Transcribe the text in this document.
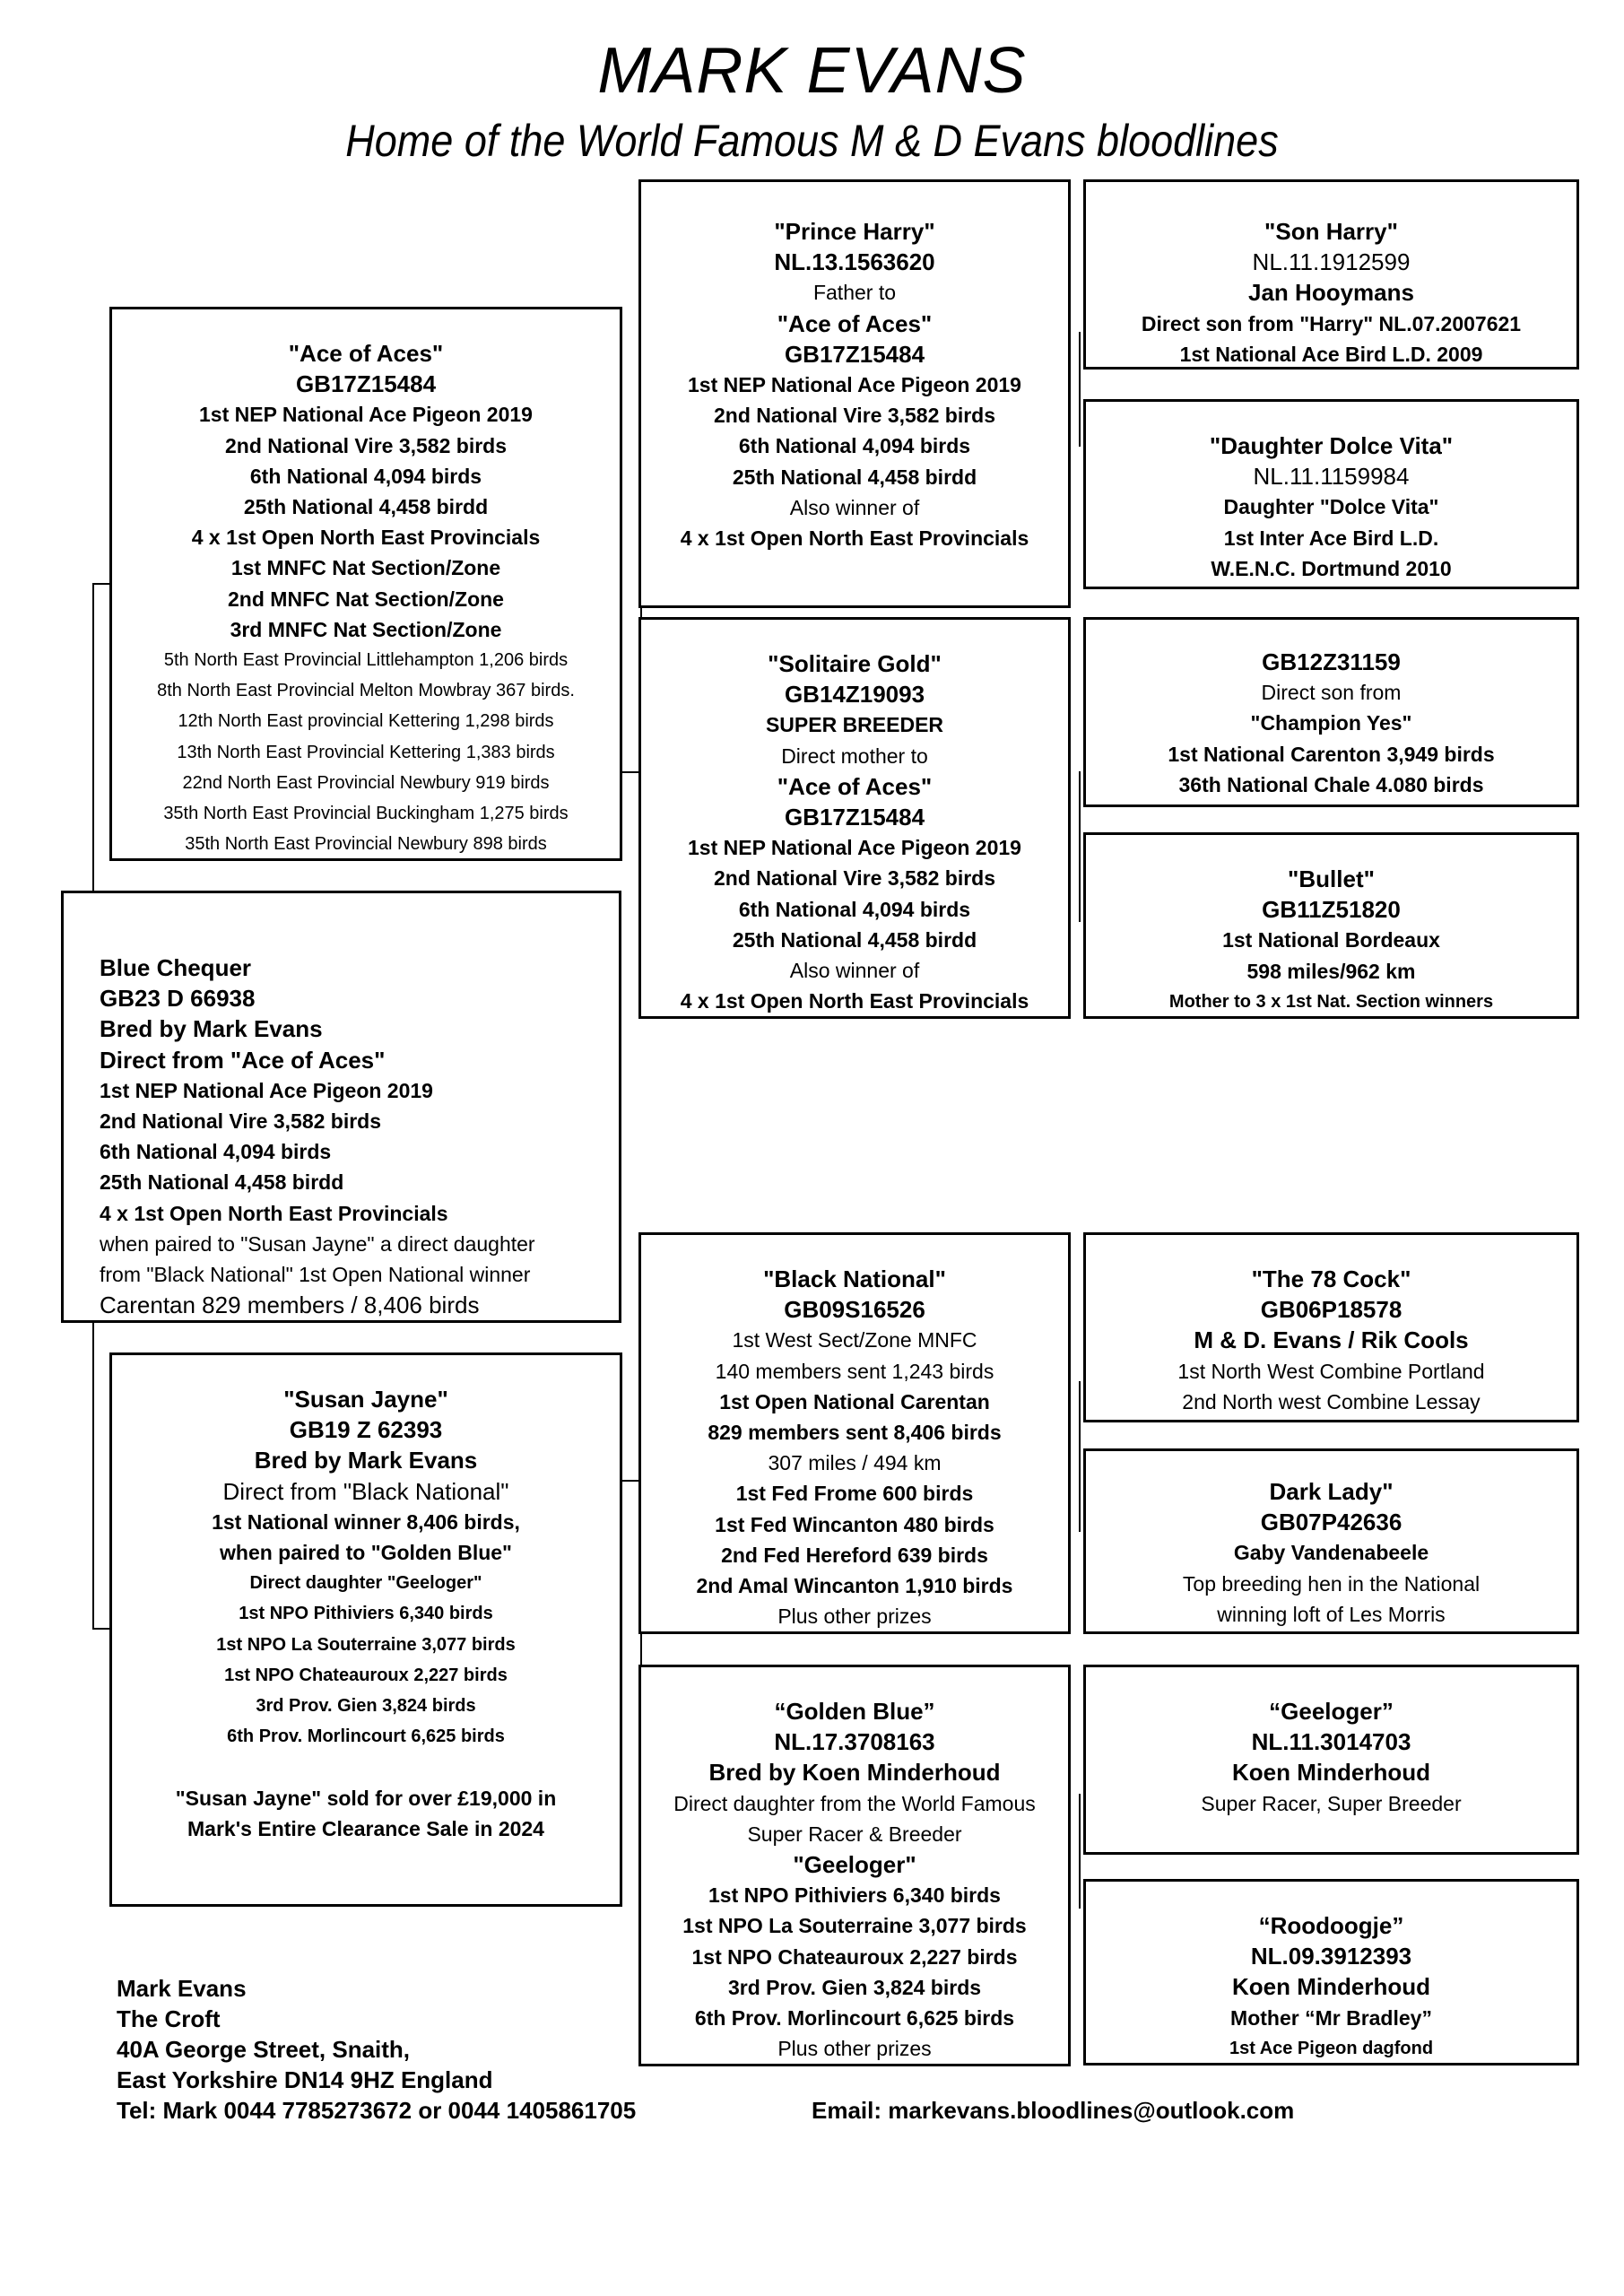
MARK EVANS
Home of the World Famous M & D Evans bloodlines
"Ace of Aces"
GB17Z15484
1st NEP National Ace Pigeon 2019
2nd National Vire 3,582 birds
6th National 4,094 birds
25th National 4,458 birdd
4 x 1st Open North East Provincials
1st MNFC Nat Section/Zone
2nd MNFC Nat Section/Zone
3rd MNFC Nat Section/Zone
5th North East Provincial Littlehampton 1,206 birds
8th North East Provincial Melton Mowbray 367 birds.
12th North East provincial Kettering 1,298 birds
13th North East Provincial Kettering 1,383 birds
22nd North East Provincial Newbury 919 birds
35th North East Provincial Buckingham 1,275 birds
35th North East Provincial Newbury 898 birds
Blue Chequer
GB23 D 66938
Bred by Mark Evans
Direct from "Ace of Aces"
1st NEP National Ace Pigeon 2019
2nd National Vire 3,582 birds
6th National 4,094 birds
25th National 4,458 birdd
4 x 1st Open North East Provincials
when paired to "Susan Jayne" a direct daughter
from "Black National" 1st Open National winner
Carentan 829 members / 8,406 birds
"Susan Jayne"
GB19 Z 62393
Bred by Mark Evans
Direct from "Black National"
1st National winner 8,406 birds,
when paired to "Golden Blue"
Direct daughter "Geeloger"
1st NPO Pithiviers 6,340 birds
1st NPO La Souterraine 3,077 birds
1st NPO Chateauroux 2,227 birds
3rd Prov. Gien 3,824 birds
6th Prov. Morlincourt 6,625 birds

"Susan Jayne" sold for over £19,000 in
Mark's Entire Clearance Sale in 2024
"Prince Harry"
NL.13.1563620
Father to
"Ace of Aces"
GB17Z15484
1st NEP National Ace Pigeon 2019
2nd National Vire 3,582 birds
6th National 4,094 birds
25th National 4,458 birdd
Also winner of
4 x 1st Open North East Provincials
"Solitaire Gold"
GB14Z19093
SUPER BREEDER
Direct mother to
"Ace of Aces"
GB17Z15484
1st NEP National Ace Pigeon 2019
2nd National Vire 3,582 birds
6th National 4,094 birds
25th National 4,458 birdd
Also winner of
4 x 1st Open North East Provincials
"Black National"
GB09S16526
1st West Sect/Zone MNFC
140 members sent 1,243 birds
1st Open National Carentan
829 members sent 8,406 birds
307 miles / 494 km
1st Fed Frome 600 birds
1st Fed Wincanton 480 birds
2nd Fed Hereford 639 birds
2nd Amal Wincanton 1,910 birds
Plus other prizes
“Golden Blue”
NL.17.3708163
Bred by Koen Minderhoud
Direct daughter from the World Famous
Super Racer & Breeder
"Geeloger"
1st NPO Pithiviers 6,340 birds
1st NPO La Souterraine 3,077 birds
1st NPO Chateauroux 2,227 birds
3rd Prov. Gien 3,824 birds
6th Prov. Morlincourt 6,625 birds
Plus other prizes
"Son Harry"
NL.11.1912599
Jan Hooymans
Direct son from "Harry" NL.07.2007621
1st National Ace Bird L.D. 2009
"Daughter Dolce Vita"
NL.11.1159984
Daughter "Dolce Vita"
1st Inter Ace Bird L.D.
W.E.N.C. Dortmund 2010
GB12Z31159
Direct son from
"Champion Yes"
1st National Carenton 3,949 birds
36th National Chale 4.080 birds
"Bullet"
GB11Z51820
1st National Bordeaux
598 miles/962 km
Mother to 3 x 1st Nat. Section winners
"The 78 Cock"
GB06P18578
M & D. Evans / Rik Cools
1st North West Combine Portland
2nd North west Combine Lessay
Dark Lady"
GB07P42636
Gaby Vandenabeele
Top breeding hen in the National
winning loft of Les Morris
“Geeloger”
NL.11.3014703
Koen Minderhoud
Super Racer, Super Breeder
“Roodoogje”
NL.09.3912393
Koen Minderhoud
Mother “Mr Bradley”
1st Ace Pigeon dagfond
Mark Evans
The Croft
40A George Street, Snaith,
East Yorkshire DN14 9HZ England
Tel: Mark 0044 7785273672 or 0044 1405861705	Email: markevans.bloodlines@outlook.com
